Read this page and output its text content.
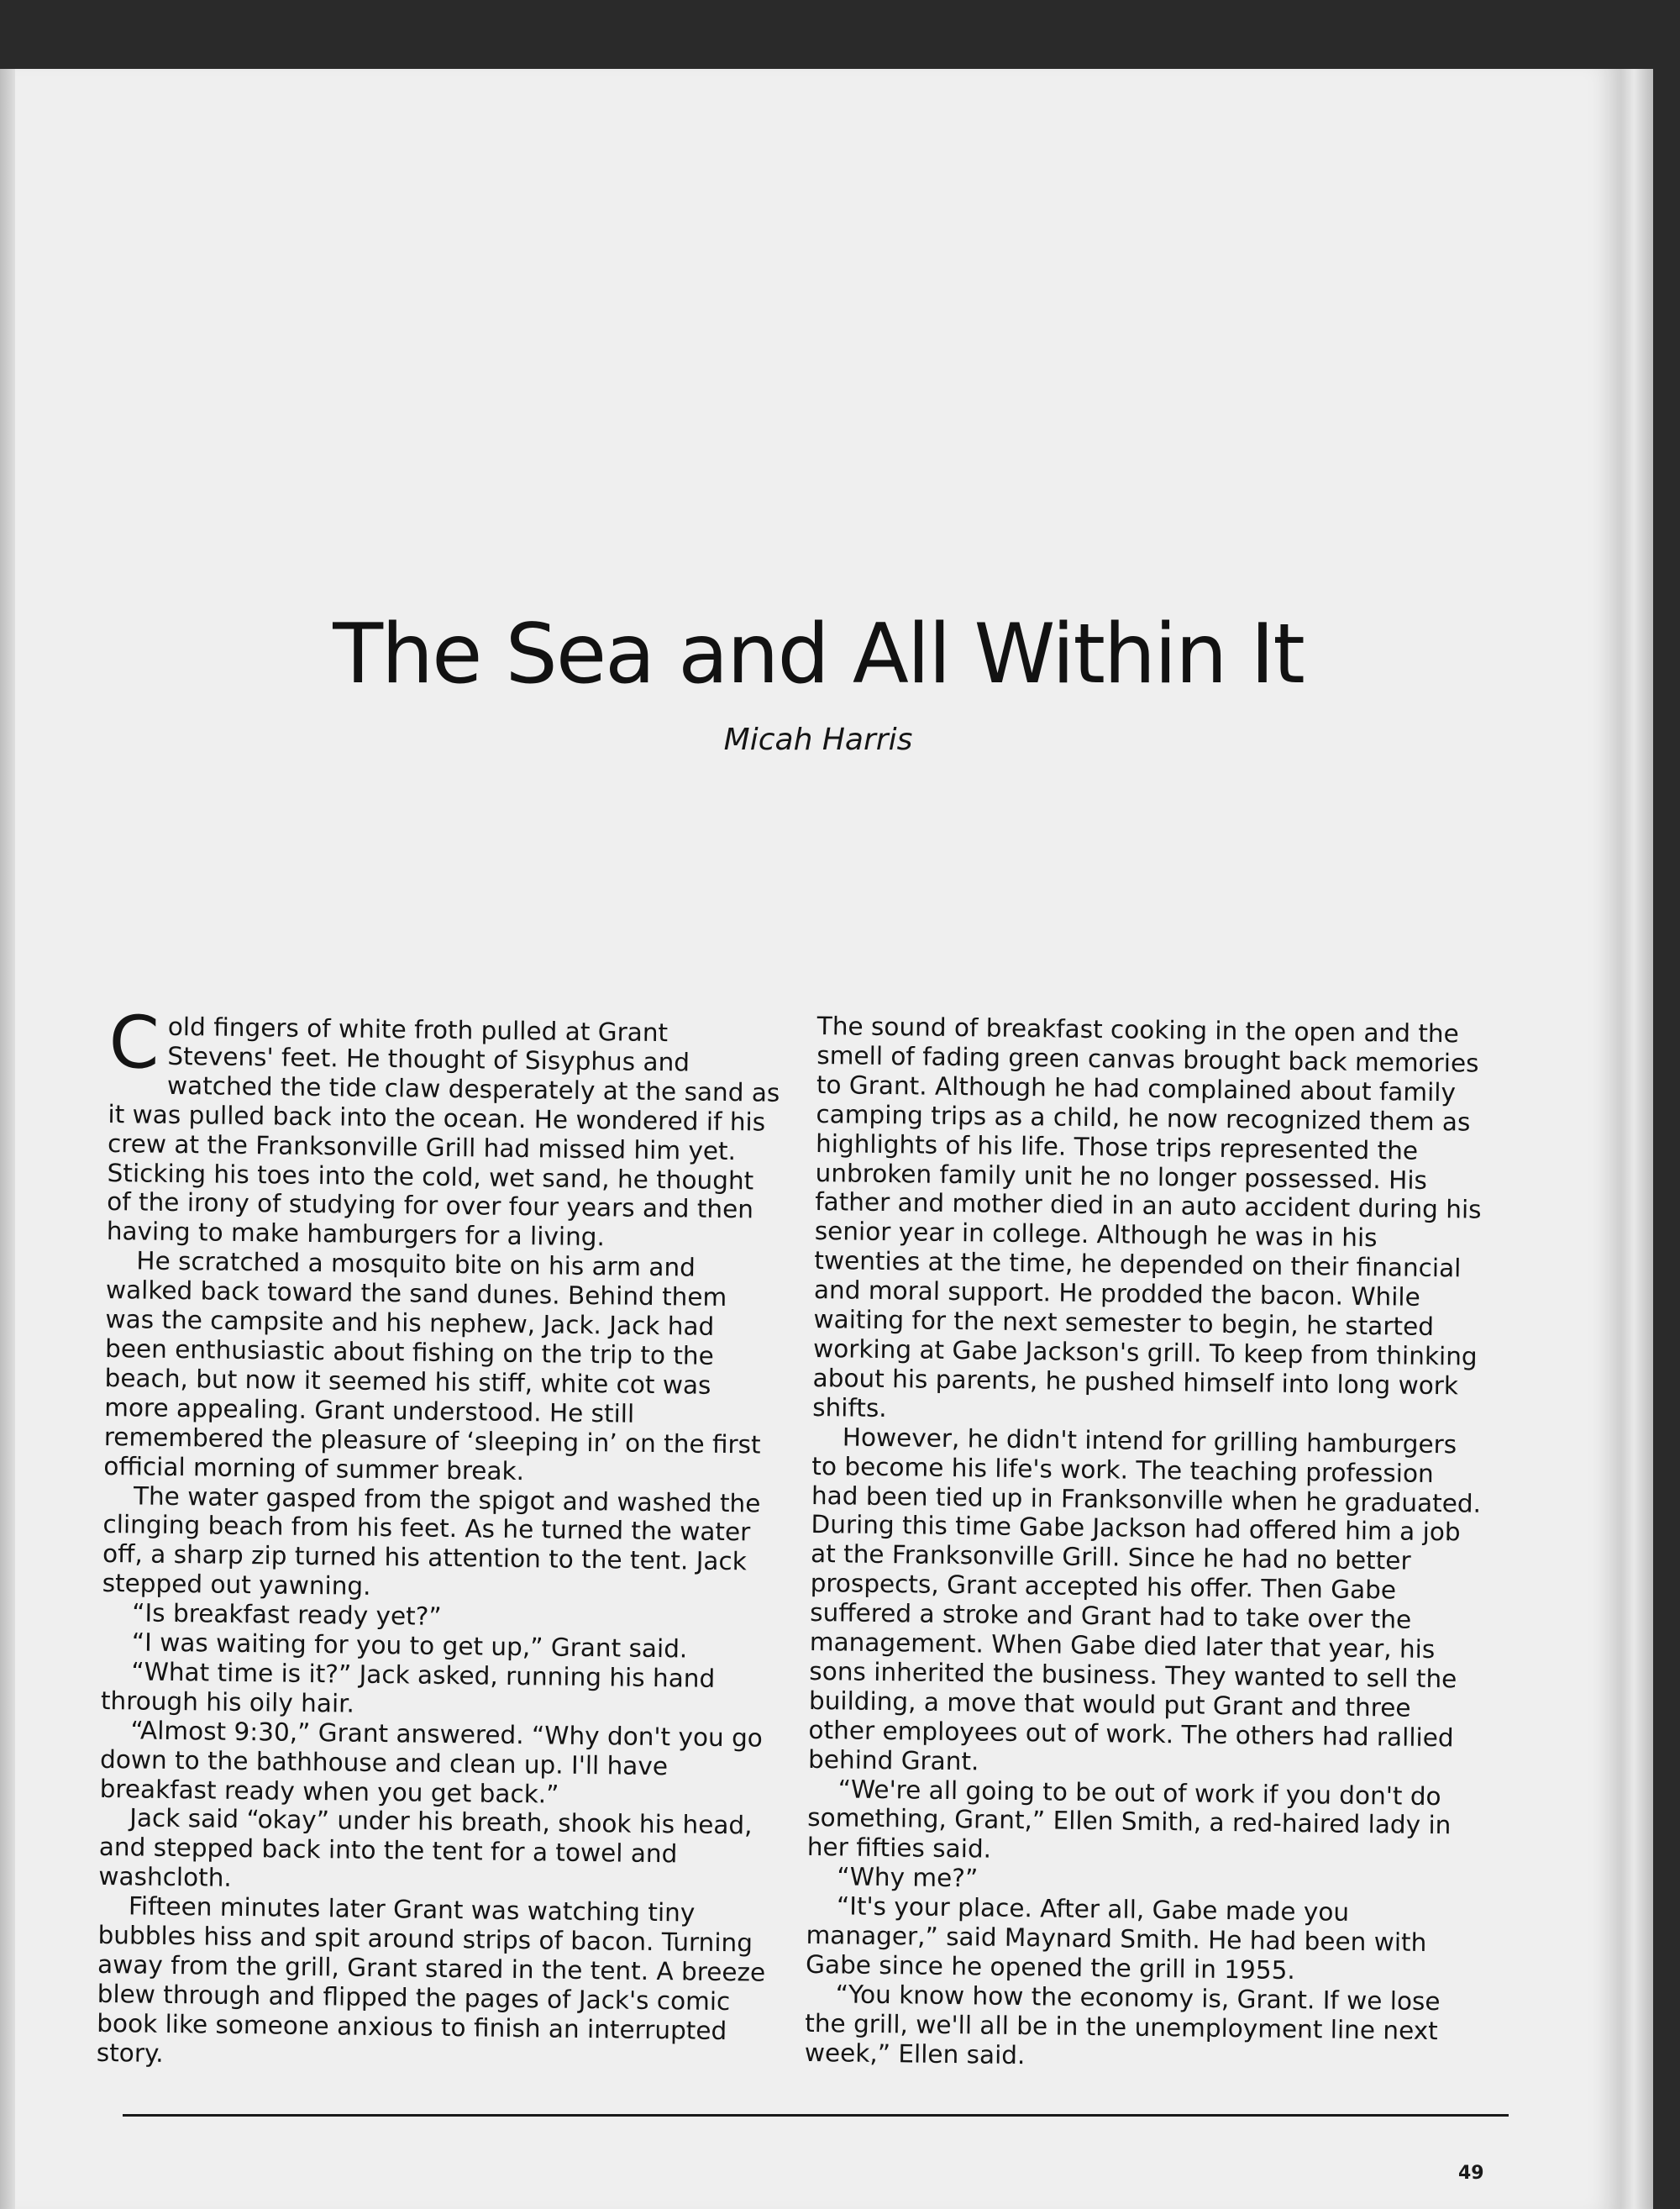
The Sea and All Within It
Micah Harris

Cold fingers of white froth pulled at Grant Stevens' feet. He thought of Sisyphus and watched the tide claw desperately at the sand as it was pulled back into the ocean. He wondered if his crew at the Franksonville Grill had missed him yet. Sticking his toes into the cold, wet sand, he thought of the irony of studying for over four years and then having to make hamburgers for a living.

He scratched a mosquito bite on his arm and walked back toward the sand dunes. Behind them was the campsite and his nephew, Jack. Jack had been enthusiastic about fishing on the trip to the beach, but now it seemed his stiff, white cot was more appealing. Grant understood. He still remembered the pleasure of ‘sleeping in’ on the first official morning of summer break.

The water gasped from the spigot and washed the clinging beach from his feet. As he turned the water off, a sharp zip turned his attention to the tent. Jack stepped out yawning.

“Is breakfast ready yet?”

“I was waiting for you to get up,” Grant said.

“What time is it?” Jack asked, running his hand through his oily hair.

“Almost 9:30,” Grant answered. “Why don't you go down to the bathhouse and clean up. I'll have breakfast ready when you get back.”

Jack said “okay” under his breath, shook his head, and stepped back into the tent for a towel and washcloth.

Fifteen minutes later Grant was watching tiny bubbles hiss and spit around strips of bacon. Turning away from the grill, Grant stared in the tent. A breeze blew through and flipped the pages of Jack's comic book like someone anxious to finish an interrupted story.

The sound of breakfast cooking in the open and the smell of fading green canvas brought back memories to Grant. Although he had complained about family camping trips as a child, he now recognized them as highlights of his life. Those trips represented the unbroken family unit he no longer possessed. His father and mother died in an auto accident during his senior year in college. Although he was in his twenties at the time, he depended on their financial and moral support. He prodded the bacon. While waiting for the next semester to begin, he started working at Gabe Jackson's grill. To keep from thinking about his parents, he pushed himself into long work shifts.

However, he didn't intend for grilling hamburgers to become his life's work. The teaching profession had been tied up in Franksonville when he graduated. During this time Gabe Jackson had offered him a job at the Franksonville Grill. Since he had no better prospects, Grant accepted his offer. Then Gabe suffered a stroke and Grant had to take over the management. When Gabe died later that year, his sons inherited the business. They wanted to sell the building, a move that would put Grant and three other employees out of work. The others had rallied behind Grant.

“We're all going to be out of work if you don't do something, Grant,” Ellen Smith, a red-haired lady in her fifties said.

“Why me?”

“It's your place. After all, Gabe made you manager,” said Maynard Smith. He had been with Gabe since he opened the grill in 1955.

“You know how the economy is, Grant. If we lose the grill, we'll all be in the unemployment line next week,” Ellen said.

49
